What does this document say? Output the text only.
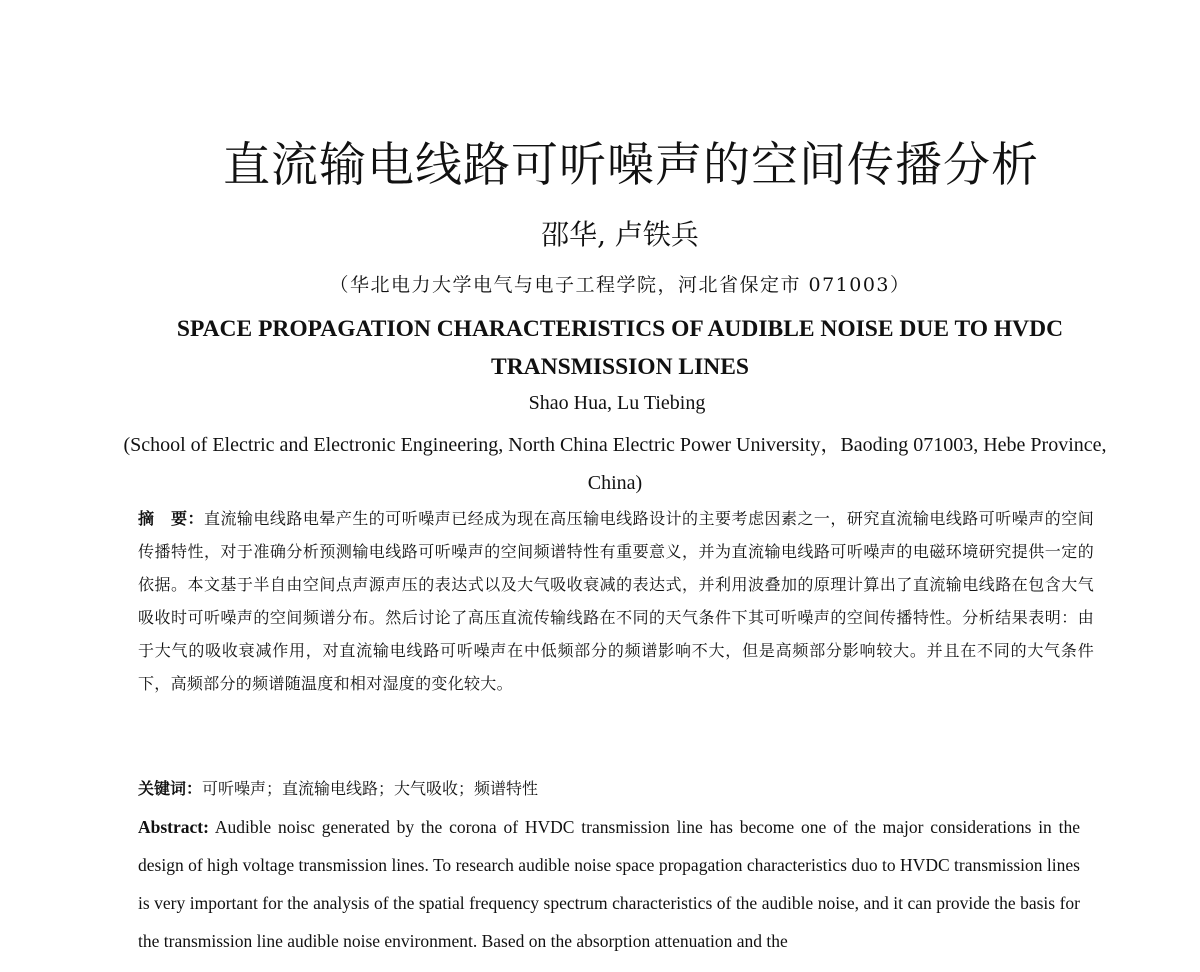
直流输电线路可听噪声的空间传播分析
邵华, 卢铁兵
（华北电力大学电气与电子工程学院，河北省保定市 071003）
SPACE PROPAGATION CHARACTERISTICS OF AUDIBLE NOISE DUE TO HVDC TRANSMISSION LINES
Shao Hua, Lu Tiebing
(School of Electric and Electronic Engineering, North China Electric Power University，Baoding 071003, Hebe Province, China)
摘　要：直流输电线路电晕产生的可听噪声已经成为现在高压输电线路设计的主要考虑因素之一，研究直流输电线路可听噪声的空间传播特性，对于准确分析预测输电线路可听噪声的空间频谱特性有重要意义，并为直流输电线路可听噪声的电磁环境研究提供一定的依据。本文基于半自由空间点声源声压的表达式以及大气吸收衰减的表达式，并利用波叠加的原理计算出了直流输电线路在包含大气吸收时可听噪声的空间频谱分布。然后讨论了高压直流传输线路在不同的天气条件下其可听噪声的空间传播特性。分析结果表明：由于大气的吸收衰减作用，对直流输电线路可听噪声在中低频部分的频谱影响不大，但是高频部分影响较大。并且在不同的大气条件下，高频部分的频谱随温度和相对湿度的变化较大。
关键词：可听噪声；直流输电线路；大气吸收；频谱特性
Abstract: Audible noisc generated by the corona of HVDC transmission line has become one of the major considerations in the design of high voltage transmission lines. To research audible noise space propagation characteristics duo to HVDC transmission lines is very important for the analysis of the spatial frequency spectrum characteristics of the audible noise, and it can provide the basis for the transmission line audible noise environment. Based on the absorption attenuation and the
